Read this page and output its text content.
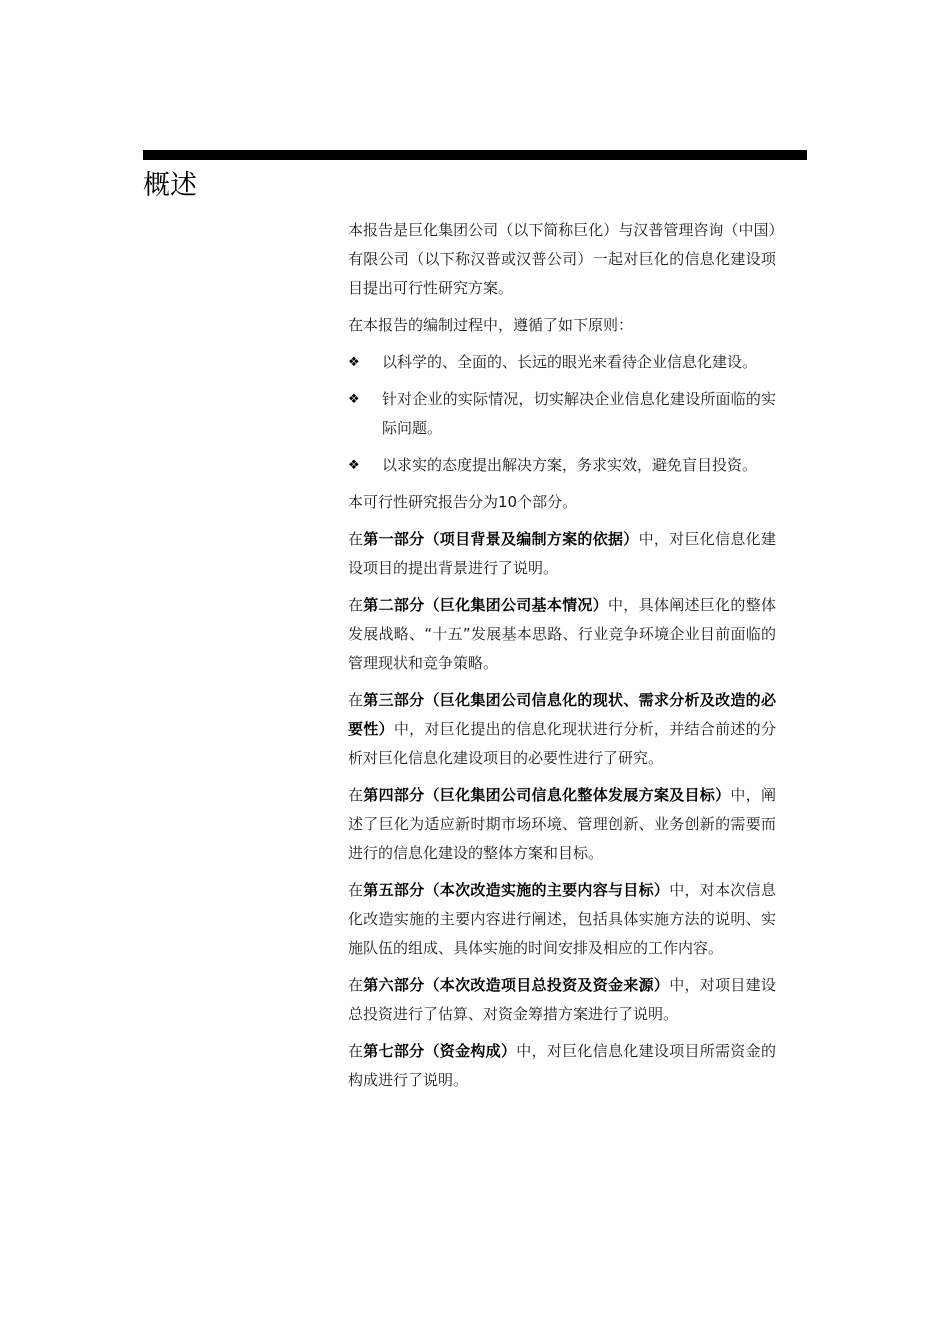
概述

本报告是巨化集团公司（以下简称巨化）与汉普管理咨询（中国）有限公司（以下称汉普或汉普公司）一起对巨化的信息化建设项目提出可行性研究方案。

在本报告的编制过程中，遵循了如下原则：

❖ 以科学的、全面的、长远的眼光来看待企业信息化建设。
❖ 针对企业的实际情况，切实解决企业信息化建设所面临的实际问题。
❖ 以求实的态度提出解决方案，务求实效，避免盲目投资。

本可行性研究报告分为10个部分。

在第一部分（项目背景及编制方案的依据）中，对巨化信息化建设项目的提出背景进行了说明。

在第二部分（巨化集团公司基本情况）中，具体阐述巨化的整体发展战略、“十五”发展基本思路、行业竞争环境企业目前面临的管理现状和竞争策略。

在第三部分（巨化集团公司信息化的现状、需求分析及改造的必要性）中，对巨化提出的信息化现状进行分析，并结合前述的分析对巨化信息化建设项目的必要性进行了研究。

在第四部分（巨化集团公司信息化整体发展方案及目标）中，阐述了巨化为适应新时期市场环境、管理创新、业务创新的需要而进行的信息化建设的整体方案和目标。

在第五部分（本次改造实施的主要内容与目标）中，对本次信息化改造实施的主要内容进行阐述，包括具体实施方法的说明、实施队伍的组成、具体实施的时间安排及相应的工作内容。

在第六部分（本次改造项目总投资及资金来源）中，对项目建设总投资进行了估算、对资金筹措方案进行了说明。

在第七部分（资金构成）中，对巨化信息化建设项目所需资金的构成进行了说明。
